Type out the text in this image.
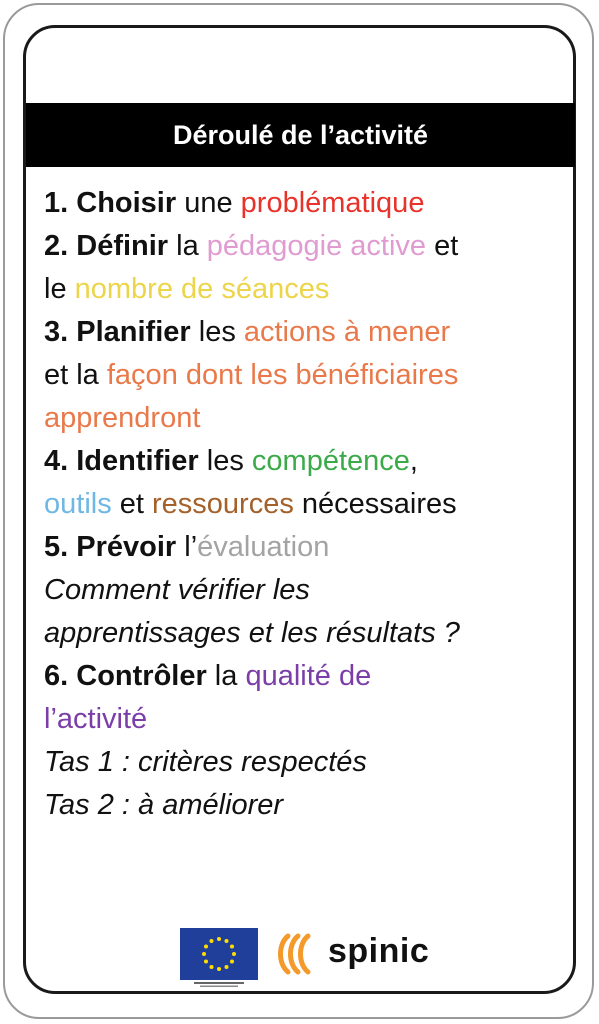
Déroulé de l’activité
1. Choisir une problématique
2. Définir la pédagogie active et
le nombre de séances
3. Planifier les actions à mener
et la façon dont les bénéficiaires
apprendront
4. Identifier les compétence,
outils et ressources nécessaires
5. Prévoir l’évaluation
Comment vérifier les
apprentissages et les résultats ?
6. Contrôler la qualité de
l’activité
Tas 1 : critères respectés
Tas 2 : à améliorer
spinic
